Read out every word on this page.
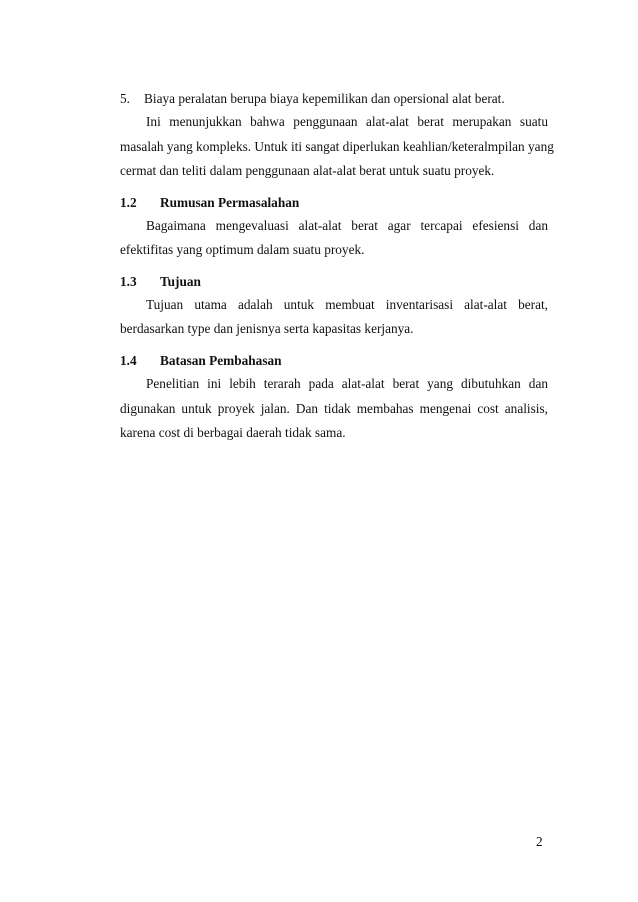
5. Biaya peralatan berupa biaya kepemilikan dan opersional alat berat.
Ini menunjukkan bahwa penggunaan alat-alat berat merupakan suatu
masalah yang kompleks. Untuk iti sangat diperlukan keahlian/keteralmpilan yang
cermat dan teliti dalam penggunaan alat-alat berat untuk suatu proyek.
1.2 Rumusan Permasalahan
Bagaimana mengevaluasi alat-alat berat agar tercapai efesiensi dan
efektifitas yang optimum dalam suatu proyek.
1.3 Tujuan
Tujuan utama adalah untuk membuat inventarisasi alat-alat berat,
berdasarkan type dan jenisnya serta kapasitas kerjanya.
1.4 Batasan Pembahasan
Penelitian ini lebih terarah pada alat-alat berat yang dibutuhkan dan
digunakan untuk proyek jalan. Dan tidak membahas mengenai cost analisis,
karena cost di berbagai daerah tidak sama.
2
